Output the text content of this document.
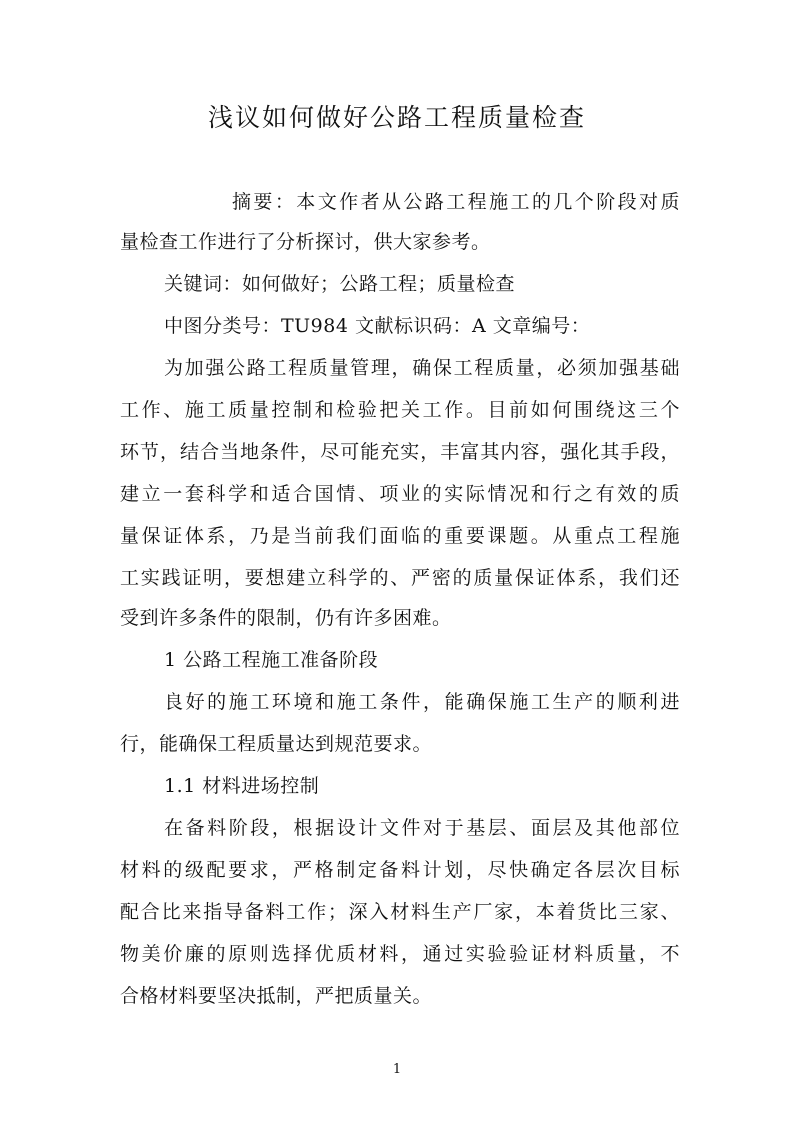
浅议如何做好公路工程质量检查
摘要：本文作者从公路工程施工的几个阶段对质
量检查工作进行了分析探讨，供大家参考。
关键词：如何做好；公路工程；质量检查
中图分类号：TU984 文献标识码：A 文章编号：
为加强公路工程质量管理，确保工程质量，必须加强基础
工作、施工质量控制和检验把关工作。目前如何围绕这三个
环节，结合当地条件，尽可能充实，丰富其内容，强化其手段，
建立一套科学和适合国情、项业的实际情况和行之有效的质
量保证体系，乃是当前我们面临的重要课题。从重点工程施
工实践证明，要想建立科学的、严密的质量保证体系，我们还
受到许多条件的限制，仍有许多困难。
1 公路工程施工准备阶段
良好的施工环境和施工条件，能确保施工生产的顺利进
行，能确保工程质量达到规范要求。
1.1 材料进场控制
在备料阶段，根据设计文件对于基层、面层及其他部位
材料的级配要求，严格制定备料计划，尽快确定各层次目标
配合比来指导备料工作；深入材料生产厂家，本着货比三家、
物美价廉的原则选择优质材料，通过实验验证材料质量，不
合格材料要坚决抵制，严把质量关。
1
